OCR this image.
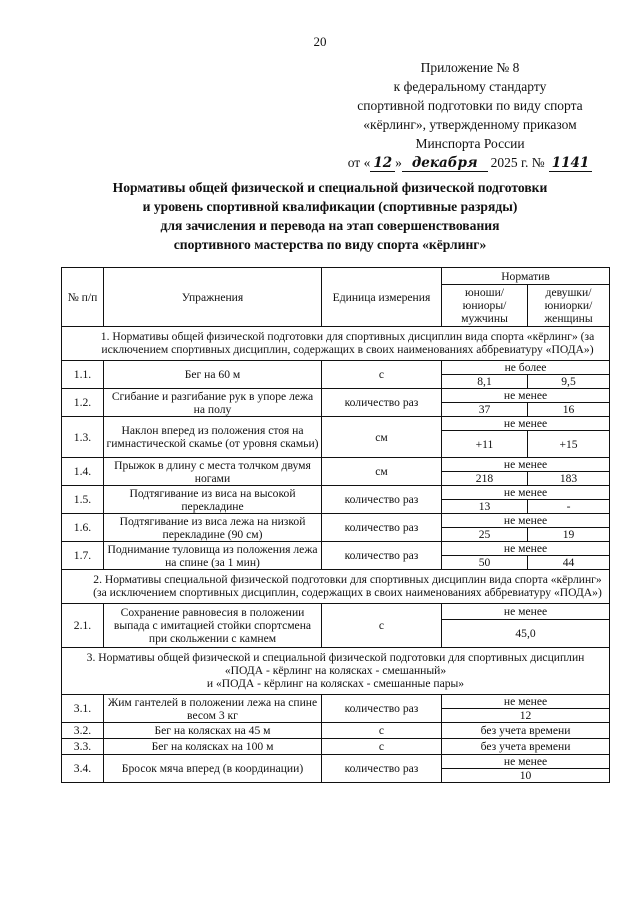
20
Приложение № 8
к федеральному стандарту
спортивной подготовки по виду спорта
«кёрлинг», утвержденному приказом
Минспорта России
от « 12 » декабря 2025 г. № 1141
Нормативы общей физической и специальной физической подготовки
и уровень спортивной квалификации (спортивные разряды)
для зачисления и перевода на этап совершенствования
спортивного мастерства по виду спорта «кёрлинг»
№ п/п	Упражнения	Единица измерения	Норматив	
			юноши/ юниоры/ мужчины	девушки/ юниорки/ женщины
1. Нормативы общей физической подготовки для спортивных дисциплин вида спорта «кёрлинг» (за исключением спортивных дисциплин, содержащих в своих наименованиях аббревиатуру «ПОДА»)				
1.1.	Бег на 60 м	с	не более	
			8,1	9,5
1.2.	Сгибание и разгибание рук в упоре лежа на полу	количество раз	не менее	
			37	16
1.3.	Наклон вперед из положения стоя на гимнастической скамье (от уровня скамьи)	см	не менее	
			+11	+15
1.4.	Прыжок в длину с места толчком двумя ногами	см	не менее	
			218	183
1.5.	Подтягивание из виса на высокой перекладине	количество раз	не менее	
			13	-
1.6.	Подтягивание из виса лежа на низкой перекладине (90 см)	количество раз	не менее	
			25	19
1.7.	Поднимание туловища из положения лежа на спине (за 1 мин)	количество раз	не менее	
			50	44
2. Нормативы специальной физической подготовки для спортивных дисциплин вида спорта «кёрлинг» (за исключением спортивных дисциплин, содержащих в своих наименованиях аббревиатуру «ПОДА»)				
2.1.	Сохранение равновесия в положении выпада с имитацией стойки спортсмена при скольжении с камнем	с	не менее	
			45,0	

3. Нормативы общей физической и специальной физической подготовки для спортивных дисциплин «ПОДА - кёрлинг на колясках - смешанный»
и «ПОДА - кёрлинг на колясках - смешанные пары»				

3.1.	Жим гантелей в положении лежа на спине весом 3 кг	количество раз	не менее	
			12	
3.2.	Бег на колясках на 45 м	с	без учета времени	
3.3.	Бег на колясках на 100 м	с	без учета времени	
3.4.	Бросок мяча вперед (в координации)	количество раз	не менее	
			10	
